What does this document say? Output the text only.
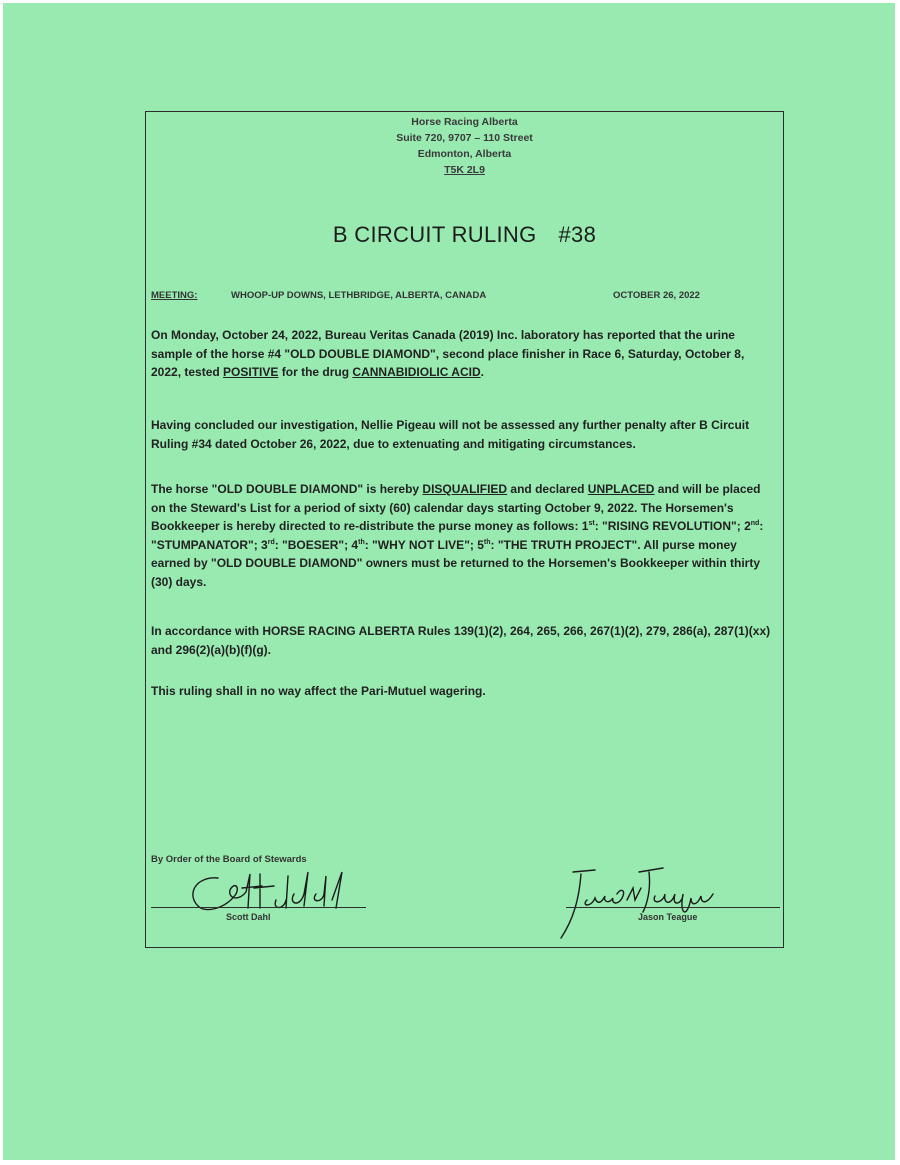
Horse Racing Alberta
Suite 720, 9707 – 110 Street
Edmonton, Alberta
T5K 2L9
B CIRCUIT RULING #38
MEETING:	WHOOP-UP DOWNS, LETHBRIDGE, ALBERTA, CANADA	OCTOBER 26, 2022

On Monday, October 24, 2022, Bureau Veritas Canada (2019) Inc. laboratory has reported that the urine sample of the horse #4 "OLD DOUBLE DIAMOND", second place finisher in Race 6, Saturday, October 8, 2022, tested POSITIVE for the drug CANNABIDIOLIC ACID.

Having concluded our investigation, Nellie Pigeau will not be assessed any further penalty after B Circuit Ruling #34 dated October 26, 2022, due to extenuating and mitigating circumstances.

The horse "OLD DOUBLE DIAMOND" is hereby DISQUALIFIED and declared UNPLACED and will be placed on the Steward's List for a period of sixty (60) calendar days starting October 9, 2022. The Horsemen's Bookkeeper is hereby directed to re-distribute the purse money as follows: 1st: "RISING REVOLUTION"; 2nd: "STUMPANATOR"; 3rd: "BOESER"; 4th: "WHY NOT LIVE"; 5th: "THE TRUTH PROJECT". All purse money earned by "OLD DOUBLE DIAMOND" owners must be returned to the Horsemen's Bookkeeper within thirty (30) days.

In accordance with HORSE RACING ALBERTA Rules 139(1)(2), 264, 265, 266, 267(1)(2), 279, 286(a), 287(1)(xx) and 296(2)(a)(b)(f)(g).

This ruling shall in no way affect the Pari-Mutuel wagering.

By Order of the Board of Stewards
Scott Dahl	Jason Teague
